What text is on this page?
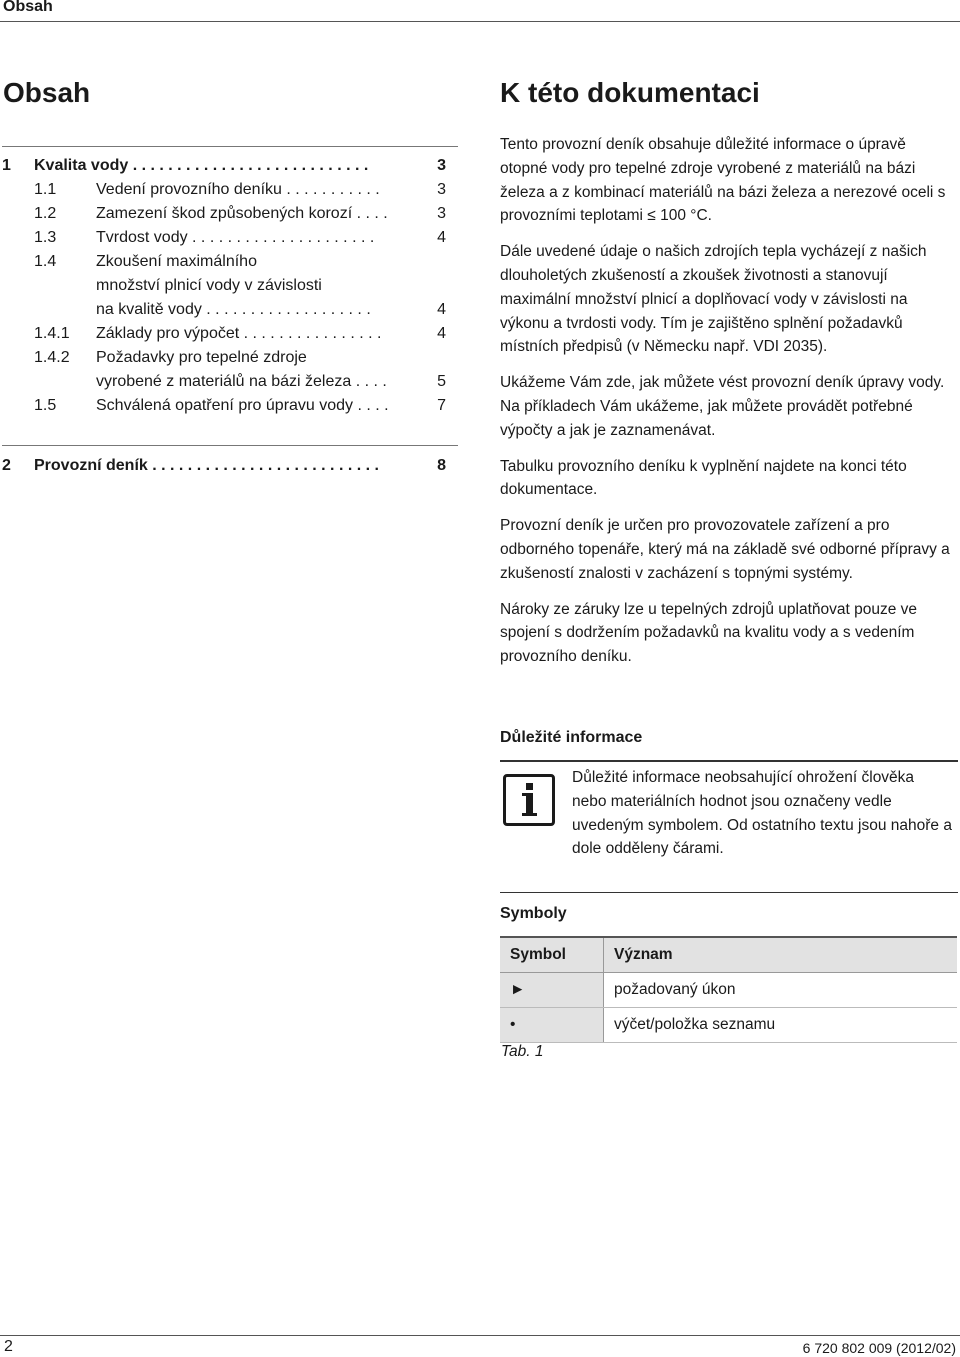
Obsah
Obsah
1 Kvalita vody . . . . . . . . . . . . . . . . . . . . . . . . . . .	3
1.1 Vedení provozního deníku . . . . . . . . . . .	3
1.2 Zamezení škod způsobených korozí . . . .	3
1.3 Tvrdost vody . . . . . . . . . . . . . . . . . . . . .	4
1.4 Zkoušení maximálního
množství plnicí vody v závislosti
na kvalitě vody . . . . . . . . . . . . . . . . . . .	4
1.4.1 Základy pro výpočet . . . . . . . . . . . . . . . .	4
1.4.2 Požadavky pro tepelné zdroje
vyrobené z materiálů na bázi železa . . . .	5
1.5 Schválená opatření pro úpravu vody . . . .	7
2 Provozní deník . . . . . . . . . . . . . . . . . . . . . . . . . .	8
K této dokumentaci

Tento provozní deník obsahuje důležité informace o úpravě otopné vody pro tepelné zdroje vyrobené z materiálů na bázi železa a z kombinací materiálů na bázi železa a nerezové oceli s provozními teplotami ≤ 100 °C.

Dále uvedené údaje o našich zdrojích tepla vycházejí z našich dlouholetých zkušeností a zkoušek životnosti a stanovují maximální množství plnicí a doplňovací vody v závislosti na výkonu a tvrdosti vody. Tím je zajištěno splnění požadavků místních předpisů (v Německu např. VDI 2035).

Ukážeme Vám zde, jak můžete vést provozní deník úpravy vody. Na příkladech Vám ukážeme, jak můžete provádět potřebné výpočty a jak je zaznamenávat.

Tabulku provozního deníku k vyplnění najdete na konci této dokumentace.

Provozní deník je určen pro provozovatele zařízení a pro odborného topenáře, který má na základě své odborné přípravy a zkušeností znalosti v zacházení s topnými systémy.

Nároky ze záruky lze u tepelných zdrojů uplatňovat pouze ve spojení s dodržením požadavků na kvalitu vody a s vedením provozního deníku.

Důležité informace
Důležité informace neobsahující ohrožení člověka nebo materiálních hodnot jsou označeny vedle uvedeným symbolem. Od ostatního textu jsou nahoře a dole odděleny čárami.
Symboly
Symbol	Význam
►	požadovaný úkon
•	výčet/položka seznamu
Tab. 1
2	6 720 802 009 (2012/02)
